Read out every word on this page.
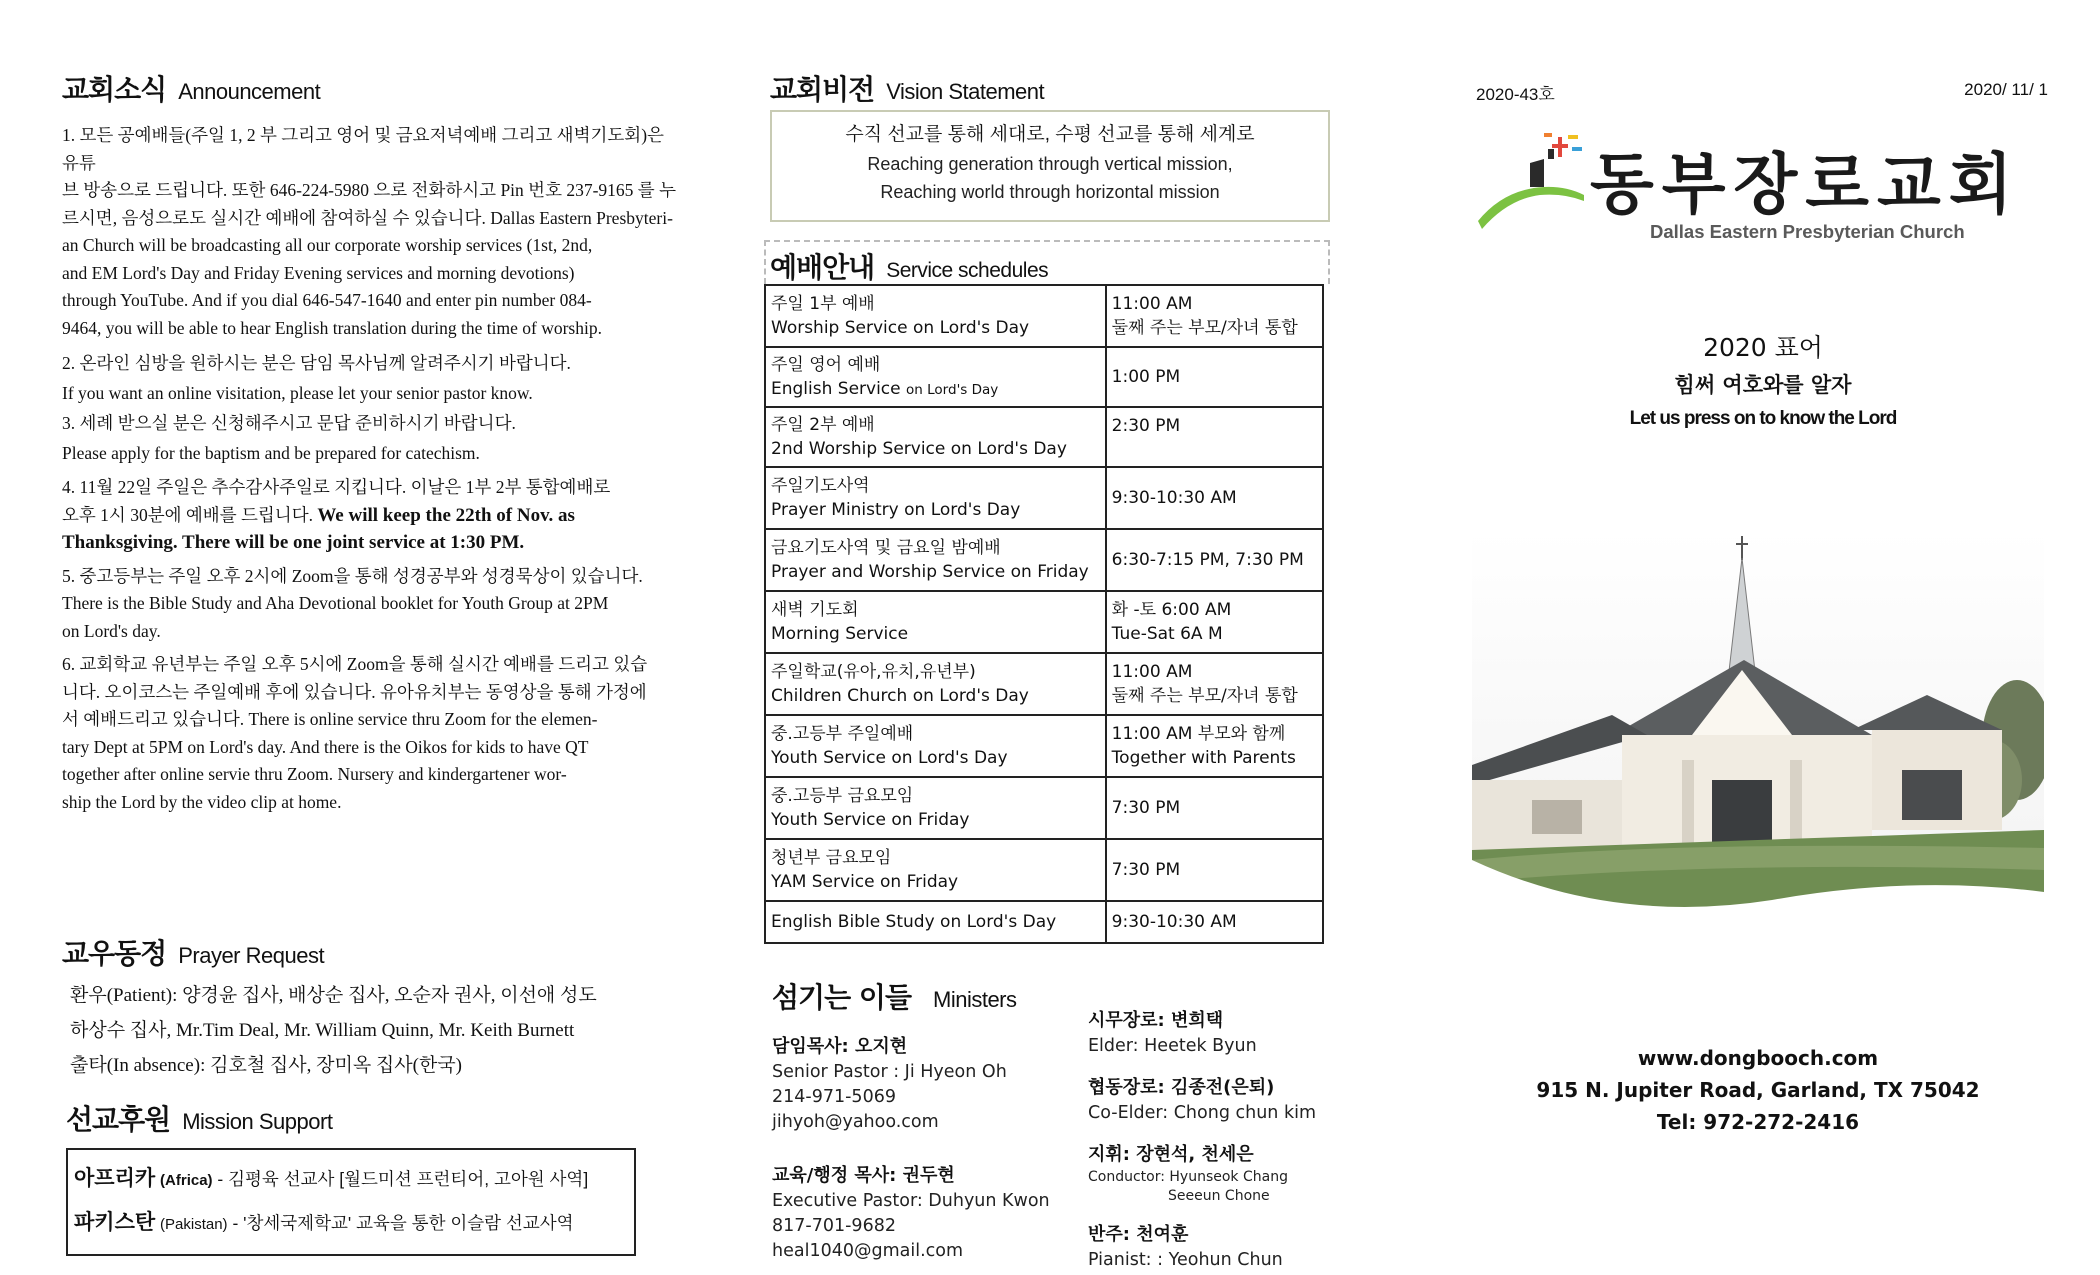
교회소식 Announcement
1. 모든 공예배들(주일 1, 2 부 그리고 영어 및 금요저녁예배 그리고 새벽기도회)은 유튜
브 방송으로 드립니다. 또한 646-224-5980 으로 전화하시고 Pin 번호 237-9165 를 누
르시면, 음성으로도 실시간 예배에 참여하실 수 있습니다. Dallas Eastern Presbyteri-
an Church will be broadcasting all our corporate worship services (1st, 2nd,
and EM Lord's Day and Friday Evening services and morning devotions)
through YouTube. And if you dial 646-547-1640 and enter pin number 084-
9464, you will be able to hear English translation during the time of worship.
2. 온라인 심방을 원하시는 분은 담임 목사님께 알려주시기 바랍니다.
If you want an online visitation, please let your senior pastor know.
3. 세례 받으실 분은 신청해주시고 문답 준비하시기 바랍니다.
Please apply for the baptism and be prepared for catechism.
4. 11월 22일 주일은 추수감사주일로 지킵니다. 이날은 1부 2부 통합예배로
오후 1시 30분에 예배를 드립니다. We will keep the 22th of Nov. as
Thanksgiving. There will be one joint service at 1:30 PM.
5. 중고등부는 주일 오후 2시에 Zoom을 통해 성경공부와 성경묵상이 있습니다.
There is the Bible Study and Aha Devotional booklet for Youth Group at 2PM
on Lord's day.
6. 교회학교 유년부는 주일 오후 5시에 Zoom을 통해 실시간 예배를 드리고 있습
니다. 오이코스는 주일예배 후에 있습니다. 유아유치부는 동영상을 통해 가정에
서 예배드리고 있습니다. There is online service thru Zoom for the elemen-
tary Dept at 5PM on Lord's day. And there is the Oikos for kids to have QT
together after online servie thru Zoom. Nursery and kindergartener wor-
ship the Lord by the video clip at home.
교우동정 Prayer Request
환우(Patient): 양경윤 집사, 배상순 집사, 오순자 권사, 이선애 성도
하상수 집사, Mr.Tim Deal, Mr. William Quinn, Mr. Keith Burnett
출타(In absence): 김호철 집사, 장미옥 집사(한국)
선교후원 Mission Support
아프리카 (Africa) - 김평육 선교사 [월드미션 프런티어, 고아원 사역]
파키스탄 (Pakistan) - '창세국제학교' 교육을 통한 이슬람 선교사역
교회비전 Vision Statement
수직 선교를 통해 세대로, 수평 선교를 통해 세계로
Reaching generation through vertical mission,
Reaching world through horizontal mission
예배안내 Service schedules
주일 1부 예배
Worship Service on Lord's Day	11:00 AM
둘째 주는 부모/자녀 통합

주일 영어 예배
English Service on Lord's Day	1:00 PM

주일 2부 예배
2nd Worship Service on Lord's Day	2:30 PM

주일기도사역
Prayer Ministry on Lord's Day	9:30-10:30 AM

금요기도사역 및 금요일 밤예배
Prayer and Worship Service on Friday	6:30-7:15 PM, 7:30 PM

새벽 기도회
Morning Service	화 -토 6:00 AM
Tue-Sat 6A M

주일학교(유아,유치,유년부)
Children Church on Lord's Day	11:00 AM
둘째 주는 부모/자녀 통합

중.고등부 주일예배
Youth Service on Lord's Day	11:00 AM 부모와 함께
Together with Parents

중.고등부 금요모임
Youth Service on Friday	7:30 PM

청년부 금요모임
YAM Service on Friday	7:30 PM

English Bible Study on Lord's Day	9:30-10:30 AM
섬기는 이들 Ministers
담임목사: 오지현
Senior Pastor : Ji Hyeon Oh
214-971-5069
jihyoh@yahoo.com
교육/행정 목사: 권두현
Executive Pastor: Duhyun Kwon
817-701-9682
heal1040@gmail.com
시무장로: 변희택
Elder: Heetek Byun
협동장로: 김종전(은퇴)
Co-Elder: Chong chun kim
지휘: 장현석, 천세은
Conductor: Hyunseok Chang
Seeeun Chone
반주: 천여훈
Pianist: : Yeohun Chun
2020-43호	2020/ 11/ 1
동부장로교회
Dallas Eastern Presbyterian Church
2020 표어
힘써 여호와를 알자
Let us press on to know the Lord
www.dongbooch.com
915 N. Jupiter Road, Garland, TX 75042
Tel: 972-272-2416
